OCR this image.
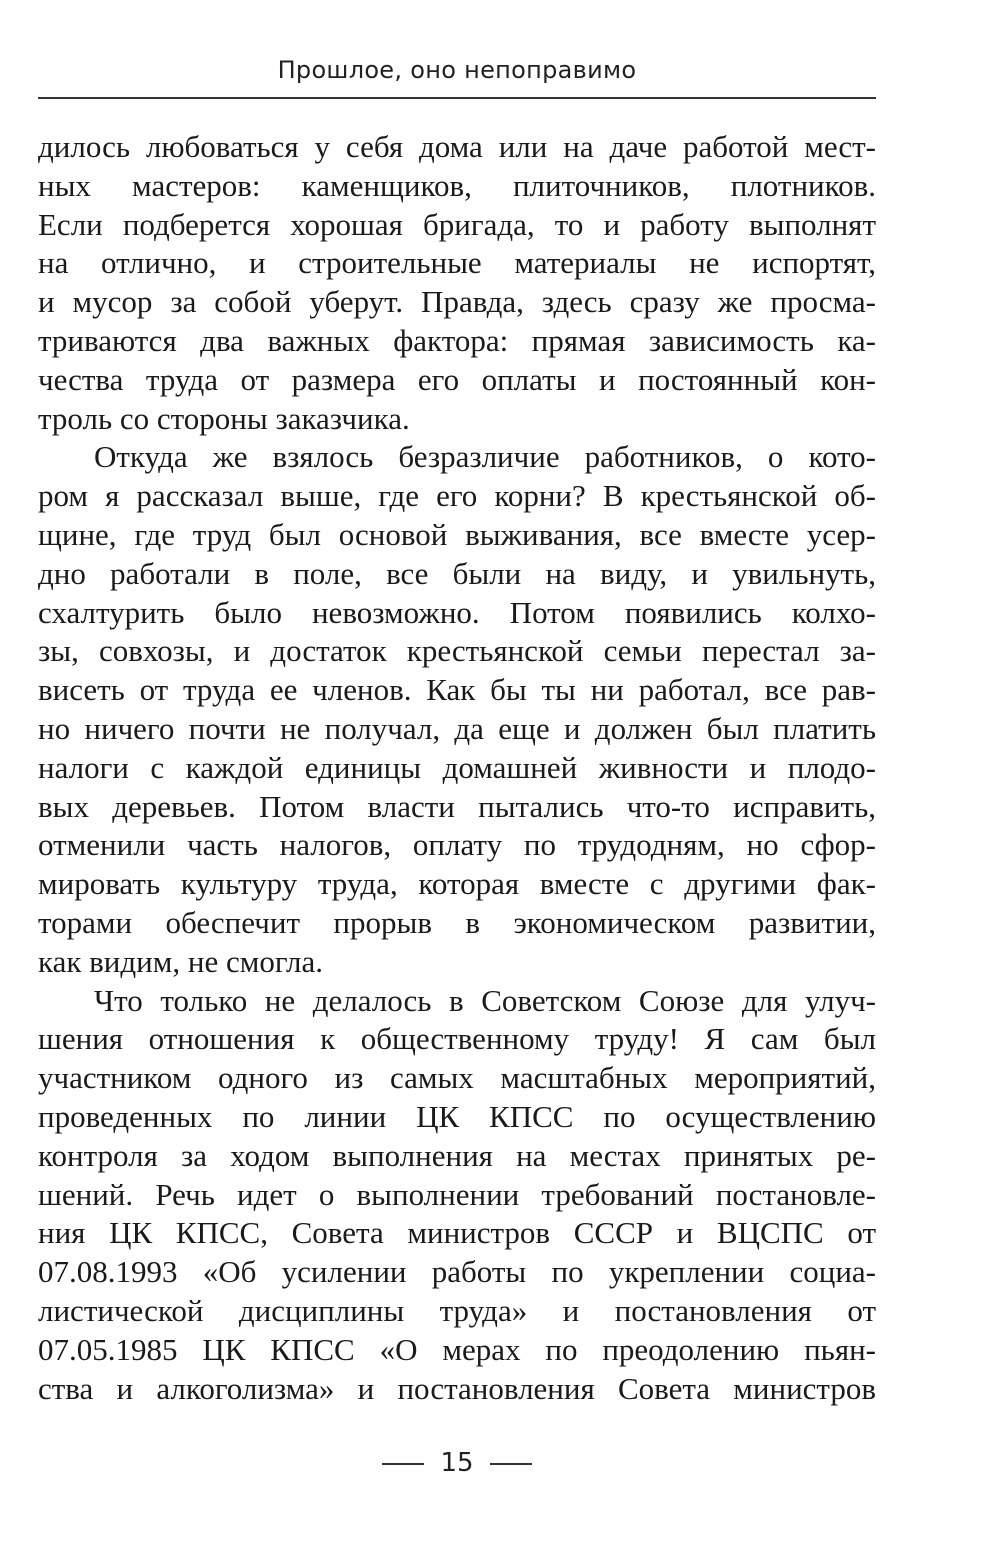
Прошлое, оно непоправимо
дилось любоваться у себя дома или на даче работой мест-
ных мастеров: каменщиков, плиточников, плотников.
Если подберется хорошая бригада, то и работу выполнят
на отлично, и строительные материалы не испортят,
и мусор за собой уберут. Правда, здесь сразу же просма-
триваются два важных фактора: прямая зависимость ка-
чества труда от размера его оплаты и постоянный кон-
троль со стороны заказчика.
Откуда же взялось безразличие работников, о кото-
ром я рассказал выше, где его корни? В крестьянской об-
щине, где труд был основой выживания, все вместе усер-
дно работали в поле, все были на виду, и увильнуть,
схалтурить было невозможно. Потом появились колхо-
зы, совхозы, и достаток крестьянской семьи перестал за-
висеть от труда ее членов. Как бы ты ни работал, все рав-
но ничего почти не получал, да еще и должен был платить
налоги с каждой единицы домашней живности и плодо-
вых деревьев. Потом власти пытались что-то исправить,
отменили часть налогов, оплату по трудодням, но сфор-
мировать культуру труда, которая вместе с другими фак-
торами обеспечит прорыв в экономическом развитии,
как видим, не смогла.
Что только не делалось в Советском Союзе для улуч-
шения отношения к общественному труду! Я сам был
участником одного из самых масштабных мероприятий,
проведенных по линии ЦК КПСС по осуществлению
контроля за ходом выполнения на местах принятых ре-
шений. Речь идет о выполнении требований постановле-
ния ЦК КПСС, Совета министров СССР и ВЦСПС от
07.08.1993 «Об усилении работы по укреплении социа-
листической дисциплины труда» и постановления от
07.05.1985 ЦК КПСС «О мерах по преодолению пьян-
ства и алкоголизма» и постановления Совета министров
15
